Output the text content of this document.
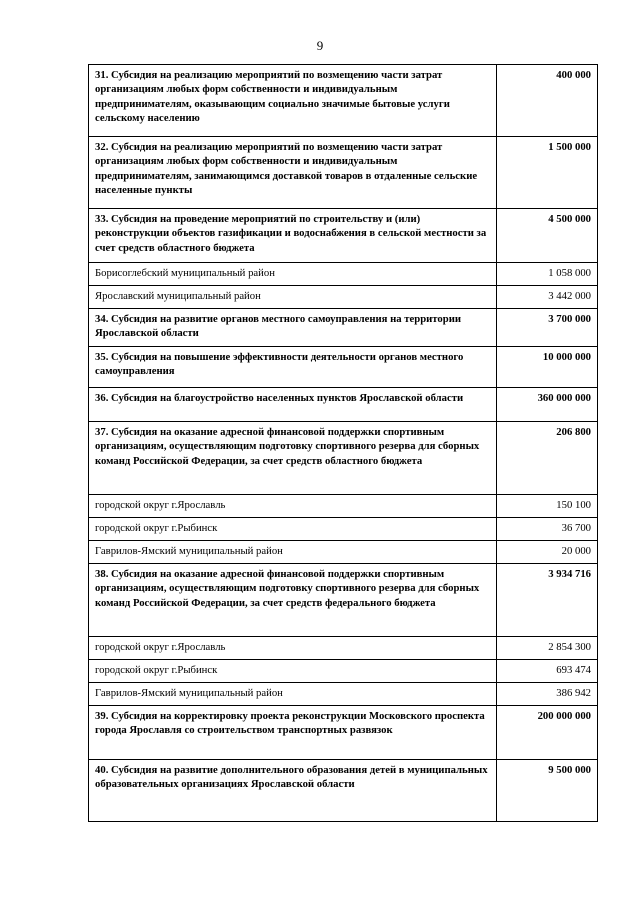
9
31. Субсидия на реализацию мероприятий по возмещению части затрат организациям любых форм собственности и индивидуальным предпринимателям, оказывающим социально значимые бытовые услуги сельскому населению	400 000
32. Субсидия на реализацию мероприятий по возмещению части затрат организациям любых форм собственности и индивидуальным предпринимателям, занимающимся доставкой товаров в отдаленные сельские населенные пункты	1 500 000
33. Субсидия на проведение мероприятий по строительству и (или) реконструкции объектов газификации и водоснабжения в сельской местности за счет средств областного бюджета	4 500 000
Борисоглебский муниципальный район	1 058 000
Ярославский муниципальный район	3 442 000
34. Субсидия на развитие органов местного самоуправления на территории Ярославской области	3 700 000
35. Субсидия на повышение эффективности деятельности органов местного самоуправления	10 000 000
36. Субсидия на благоустройство населенных пунктов Ярославской области	360 000 000
37. Субсидия на оказание адресной финансовой поддержки спортивным организациям, осуществляющим подготовку спортивного резерва для сборных команд Российской Федерации, за счет средств областного бюджета	206 800
городской округ г.Ярославль	150 100
городской округ г.Рыбинск	36 700
Гаврилов-Ямский муниципальный район	20 000
38. Субсидия на оказание адресной финансовой поддержки спортивным организациям, осуществляющим подготовку спортивного резерва для сборных команд Российской Федерации, за счет средств федерального бюджета	3 934 716
городской округ г.Ярославль	2 854 300
городской округ г.Рыбинск	693 474
Гаврилов-Ямский муниципальный район	386 942
39. Субсидия на корректировку проекта реконструкции Московского проспекта города Ярославля со строительством транспортных развязок	200 000 000
40. Субсидия на развитие дополнительного образования детей в муниципальных образовательных организациях Ярославской области	9 500 000
